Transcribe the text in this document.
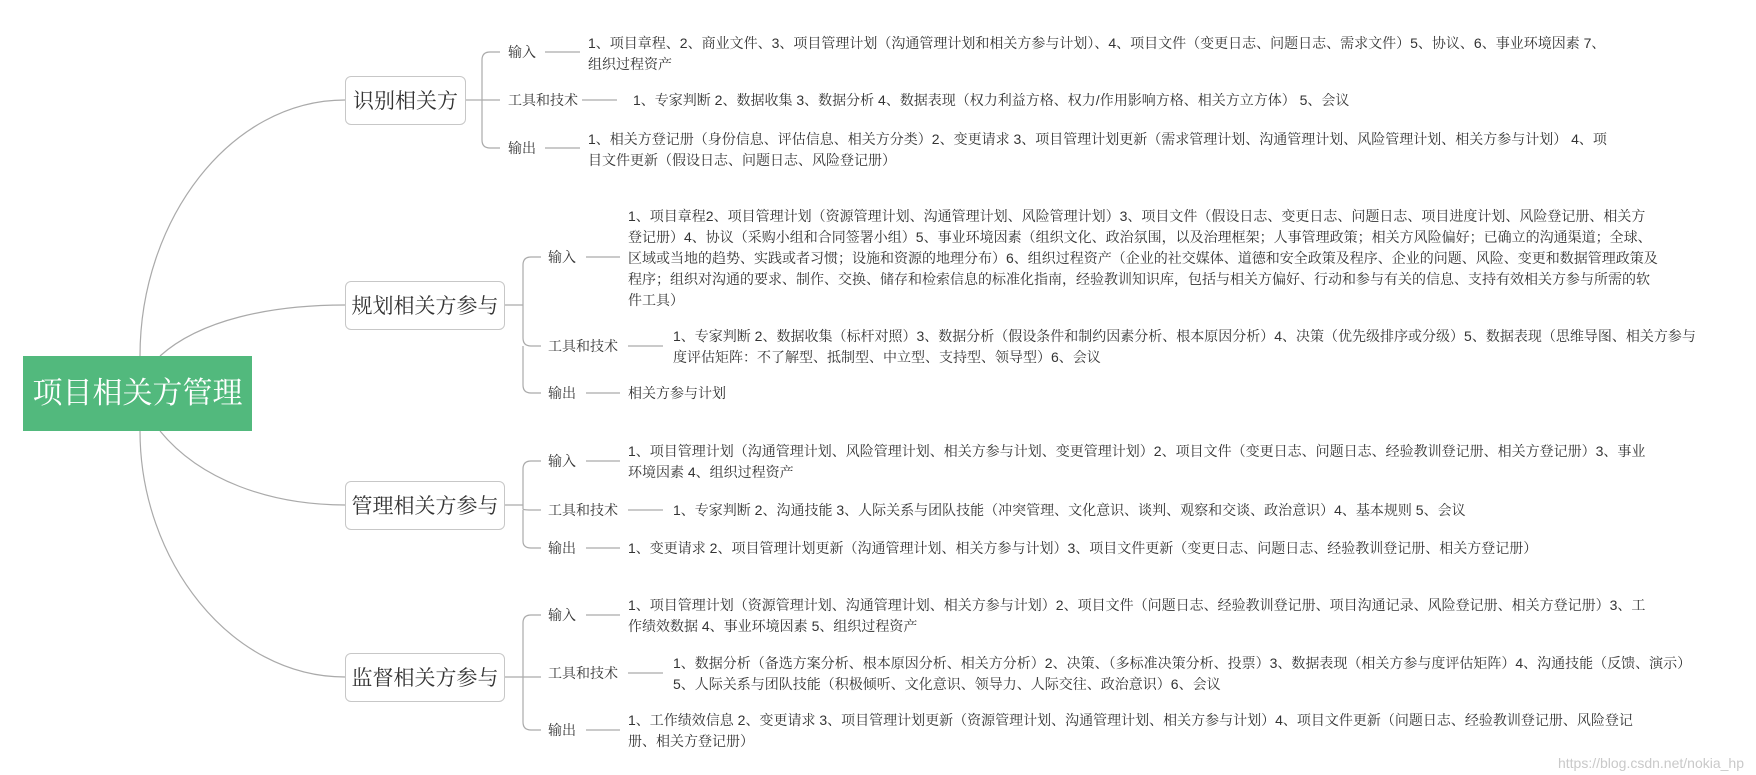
项目相关方管理
识别相关方
输入
1、项目章程、2、商业文件、3、项目管理计划（沟通管理计划和相关方参与计划）、4、项目文件（变更日志、问题日志、需求文件）5、协议、6、事业环境因素 7、组织过程资产
工具和技术	1、专家判断 2、数据收集 3、数据分析 4、数据表现（权力利益方格、权力/作用影响方格、相关方立方体） 5、会议
输出
1、相关方登记册（身份信息、评估信息、相关方分类）2、变更请求 3、项目管理计划更新（需求管理计划、沟通管理计划、风险管理计划、相关方参与计划） 4、项目文件更新（假设日志、问题日志、风险登记册）
规划相关方参与
输入
1、项目章程2、项目管理计划（资源管理计划、沟通管理计划、风险管理计划）3、项目文件（假设日志、变更日志、问题日志、项目进度计划、风险登记册、相关方登记册）4、协议（采购小组和合同签署小组）5、事业环境因素（组织文化、政治氛围，以及治理框架；人事管理政策；相关方风险偏好；已确立的沟通渠道；全球、区域或当地的趋势、实践或者习惯；设施和资源的地理分布）6、组织过程资产（企业的社交媒体、道德和安全政策及程序、企业的问题、风险、变更和数据管理政策及程序；组织对沟通的要求、制作、交换、储存和检索信息的标准化指南，经验教训知识库，包括与相关方偏好、行动和参与有关的信息、支持有效相关方参与所需的软件工具）
工具和技术
1、专家判断 2、数据收集（标杆对照）3、数据分析（假设条件和制约因素分析、根本原因分析）4、决策（优先级排序或分级）5、数据表现（思维导图、相关方参与度评估矩阵：不了解型、抵制型、中立型、支持型、领导型）6、会议
输出	相关方参与计划
管理相关方参与
输入
1、项目管理计划（沟通管理计划、风险管理计划、相关方参与计划、变更管理计划）2、项目文件（变更日志、问题日志、经验教训登记册、相关方登记册）3、事业环境因素 4、组织过程资产
工具和技术	1、专家判断 2、沟通技能 3、人际关系与团队技能（冲突管理、文化意识、谈判、观察和交谈、政治意识）4、基本规则 5、会议
输出	1、变更请求 2、项目管理计划更新（沟通管理计划、相关方参与计划）3、项目文件更新（变更日志、问题日志、经验教训登记册、相关方登记册）
监督相关方参与
输入
1、项目管理计划（资源管理计划、沟通管理计划、相关方参与计划）2、项目文件（问题日志、经验教训登记册、项目沟通记录、风险登记册、相关方登记册）3、工作绩效数据 4、事业环境因素 5、组织过程资产
工具和技术
1、数据分析（备选方案分析、根本原因分析、相关方分析）2、决策、（多标准决策分析、投票）3、数据表现（相关方参与度评估矩阵）4、沟通技能（反馈、演示）5、人际关系与团队技能（积极倾听、文化意识、领导力、人际交往、政治意识）6、会议
输出
1、工作绩效信息 2、变更请求 3、项目管理计划更新（资源管理计划、沟通管理计划、相关方参与计划）4、项目文件更新（问题日志、经验教训登记册、风险登记册、相关方登记册）
https://blog.csdn.net/nokia_hp
